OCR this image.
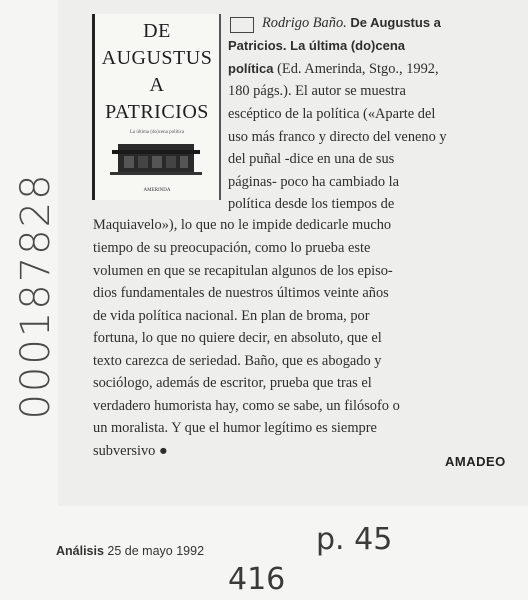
DE
AUGUSTUS
A
PATRICIOS
La última (do)cena política
AMERINDA
Rodrigo Baño. De Augustus a
Patricios. La última (do)cena
política (Ed. Amerinda, Stgo., 1992,
180 págs.). El autor se muestra
escéptico de la política («Aparte del
uso más franco y directo del veneno y
del puñal -dice en una de sus
páginas- poco ha cambiado la
política desde los tiempos de
Maquiavelo»), lo que no le impide dedicarle mucho
tiempo de su preocupación, como lo prueba este
volumen en que se recapitulan algunos de los episo-
dios fundamentales de nuestros últimos veinte años
de vida política nacional. En plan de broma, por
fortuna, lo que no quiere decir, en absoluto, que el
texto carezca de seriedad. Baño, que es abogado y
sociólogo, además de escritor, prueba que tras el
verdadero humorista hay, como se sabe, un filósofo o
un moralista. Y que el humor legítimo es siempre
subversivo ●
AMADEO
Análisis 25 de mayo 1992	p. 45
416
000187828
